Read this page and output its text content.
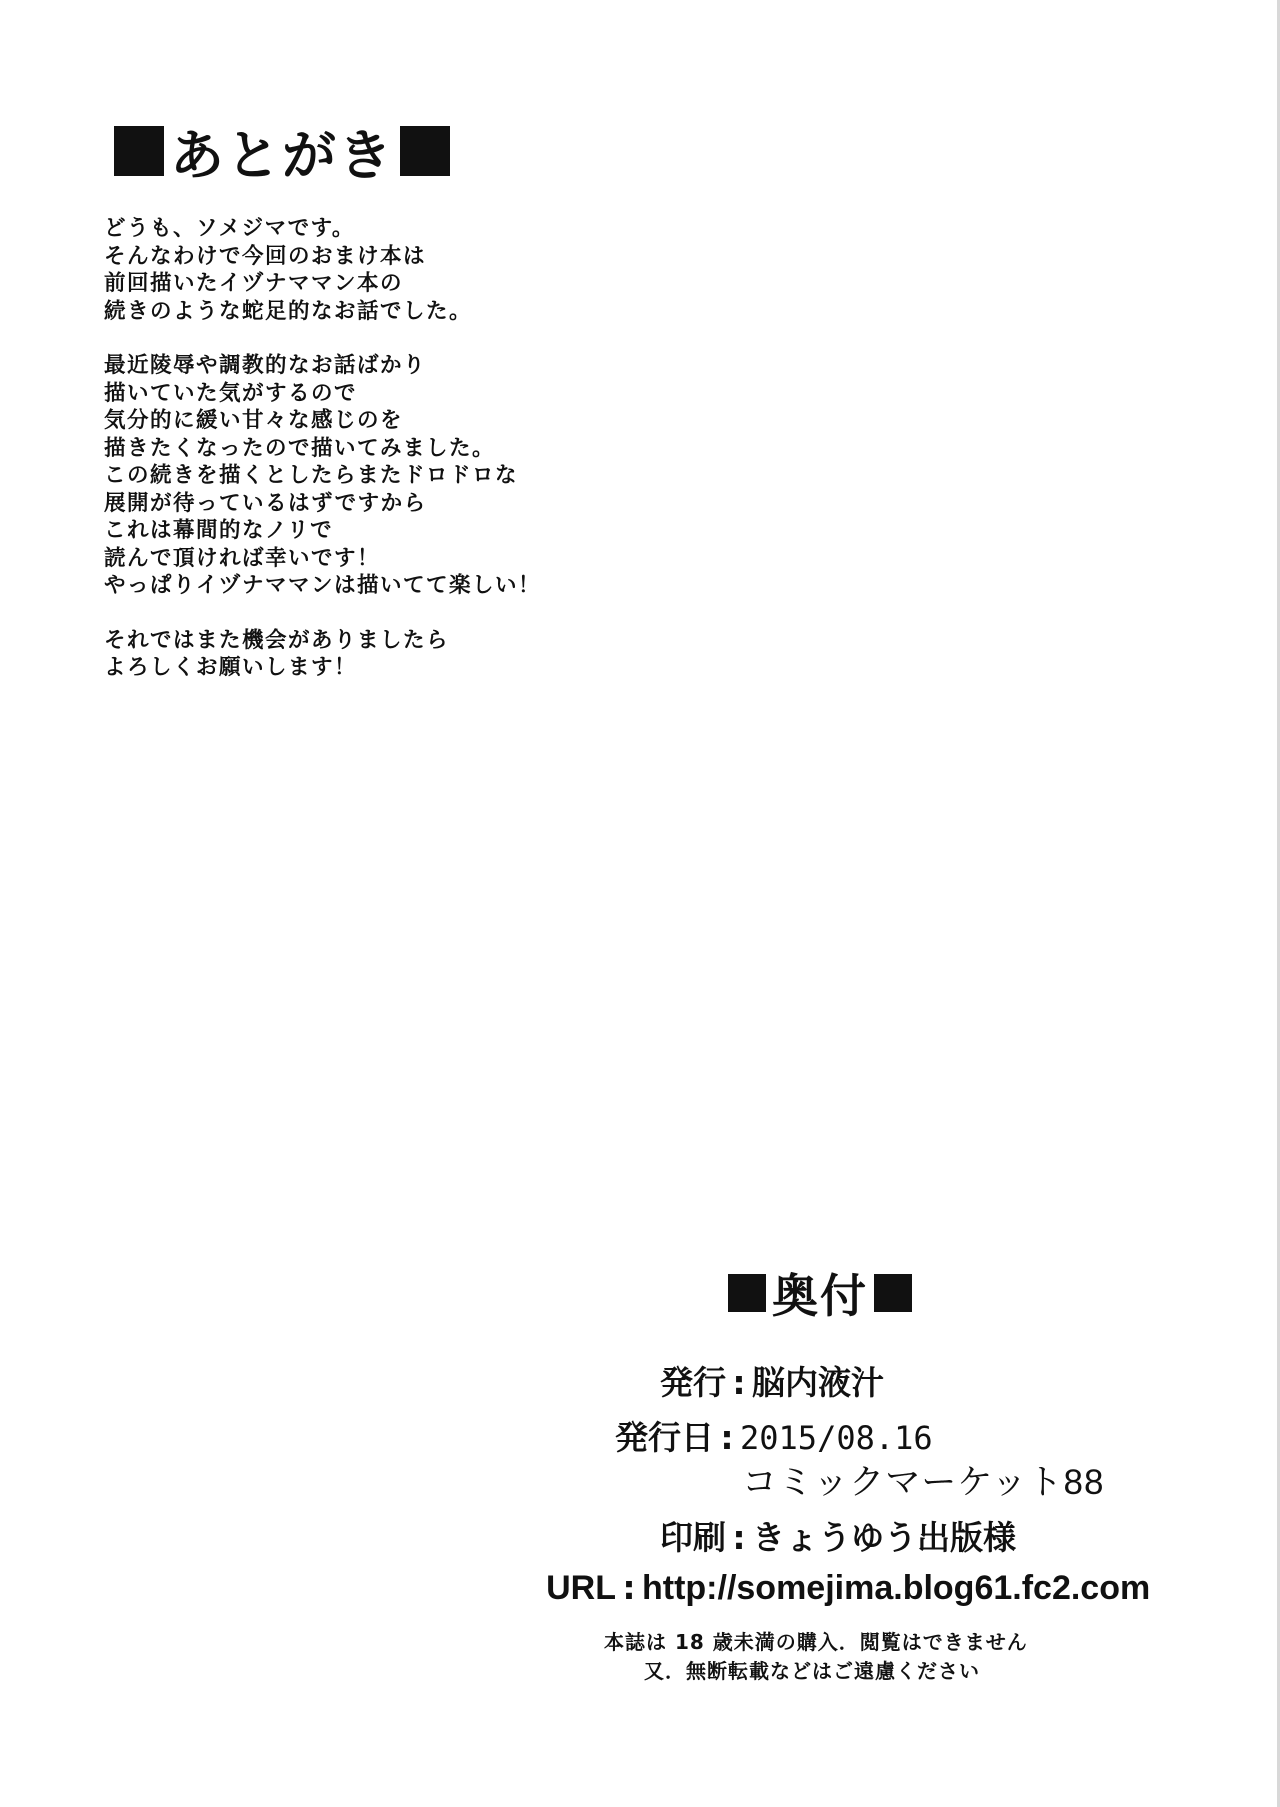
あとがき
どうも、ソメジマです。
そんなわけで今回のおまけ本は
前回描いたイヅナママン本の
続きのような蛇足的なお話でした。
最近陵辱や調教的なお話ばかり
描いていた気がするので
気分的に緩い甘々な感じのを
描きたくなったので描いてみました。
この続きを描くとしたらまたドロドロな
展開が待っているはずですから
これは幕間的なノリで
読んで頂ければ幸いです！
やっぱりイヅナママンは描いてて楽しい！
それではまた機会がありましたら
よろしくお願いします！
奥付
発行 : 脳内液汁
発行日 : 2015/08.16
コミックマーケット88
印刷 : きょうゆう出版様
URL : http://somejima.blog61.fc2.com
本誌は 18 歳未満の購入．閲覧はできません
又．無断転載などはご遠慮ください
